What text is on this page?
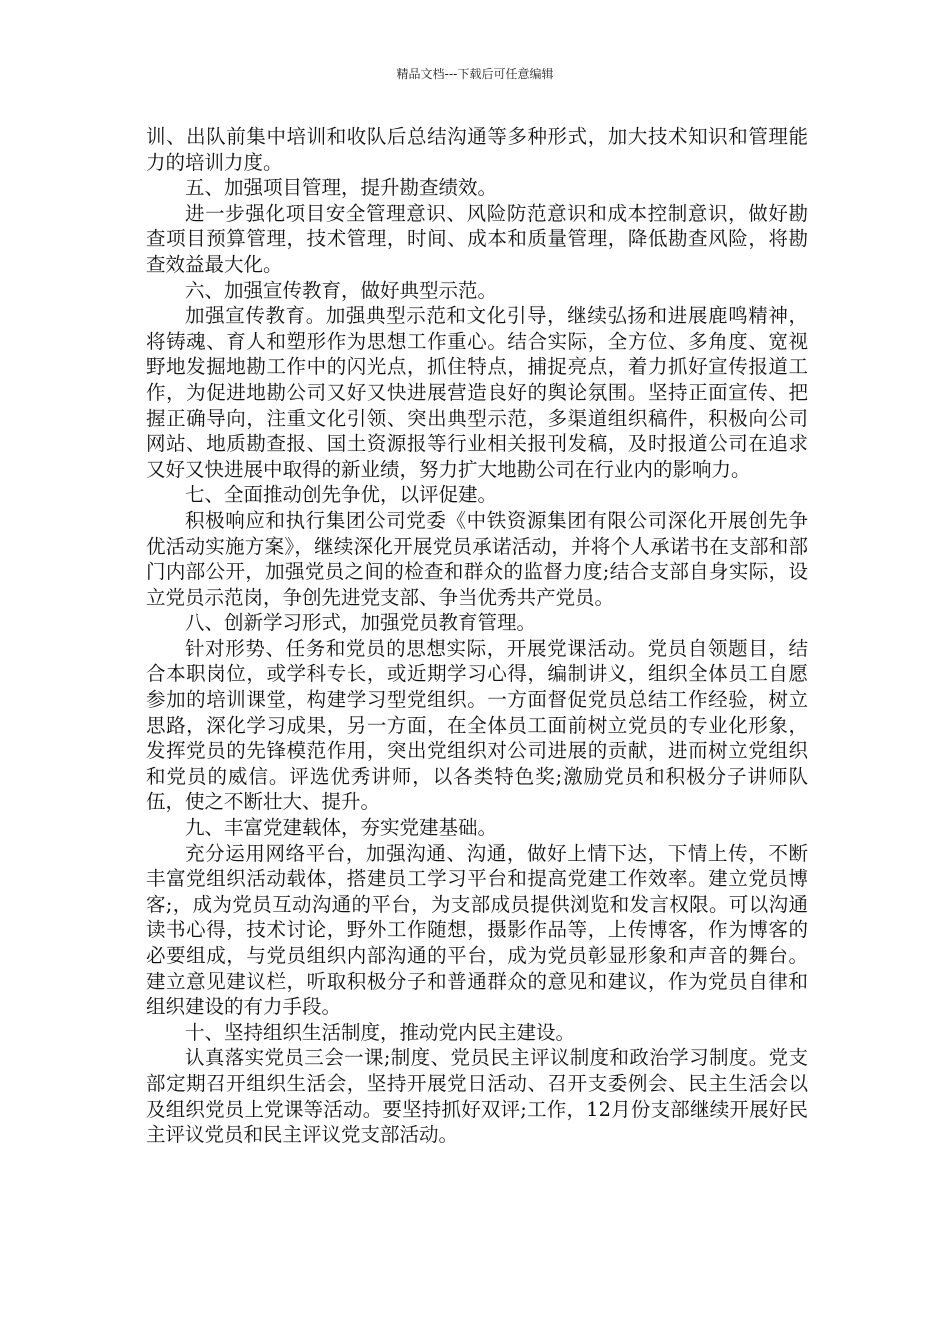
精品文档---下载后可任意编辑

训、出队前集中培训和收队后总结沟通等多种形式，加大技术知识和管理能力的培训力度。

五、加强项目管理，提升勘查绩效。

进一步强化项目安全管理意识、风险防范意识和成本控制意识，做好勘查项目预算管理，技术管理，时间、成本和质量管理，降低勘查风险，将勘查效益最大化。

六、加强宣传教育，做好典型示范。

加强宣传教育。加强典型示范和文化引导，继续弘扬和进展鹿鸣精神，将铸魂、育人和塑形作为思想工作重心。结合实际，全方位、多角度、宽视野地发掘地勘工作中的闪光点，抓住特点，捕捉亮点，着力抓好宣传报道工作，为促进地勘公司又好又快进展营造良好的舆论氛围。坚持正面宣传、把握正确导向，注重文化引领、突出典型示范，多渠道组织稿件，积极向公司网站、地质勘查报、国土资源报等行业相关报刊发稿，及时报道公司在追求又好又快进展中取得的新业绩，努力扩大地勘公司在行业内的影响力。

七、全面推动创先争优，以评促建。

积极响应和执行集团公司党委《中铁资源集团有限公司深化开展创先争优活动实施方案》，继续深化开展党员承诺活动，并将个人承诺书在支部和部门内部公开，加强党员之间的检查和群众的监督力度;结合支部自身实际，设立党员示范岗，争创先进党支部、争当优秀共产党员。

八、创新学习形式，加强党员教育管理。

针对形势、任务和党员的思想实际，开展党课活动。党员自领题目，结合本职岗位，或学科专长，或近期学习心得，编制讲义，组织全体员工自愿参加的培训课堂，构建学习型党组织。一方面督促党员总结工作经验，树立思路，深化学习成果，另一方面，在全体员工面前树立党员的专业化形象，发挥党员的先锋模范作用，突出党组织对公司进展的贡献，进而树立党组织和党员的威信。评选优秀讲师，以各类特色奖;激励党员和积极分子讲师队伍，使之不断壮大、提升。

九、丰富党建载体，夯实党建基础。

充分运用网络平台，加强沟通、沟通，做好上情下达，下情上传，不断丰富党组织活动载体，搭建员工学习平台和提高党建工作效率。建立党员博客;，成为党员互动沟通的平台，为支部成员提供浏览和发言权限。可以沟通读书心得，技术讨论，野外工作随想，摄影作品等，上传博客，作为博客的必要组成，与党员组织内部沟通的平台，成为党员彰显形象和声音的舞台。建立意见建议栏，听取积极分子和普通群众的意见和建议，作为党员自律和组织建设的有力手段。

十、坚持组织生活制度，推动党内民主建设。

认真落实党员三会一课;制度、党员民主评议制度和政治学习制度。党支部定期召开组织生活会，坚持开展党日活动、召开支委例会、民主生活会以及组织党员上党课等活动。要坚持抓好双评;工作，12月份支部继续开展好民主评议党员和民主评议党支部活动。
